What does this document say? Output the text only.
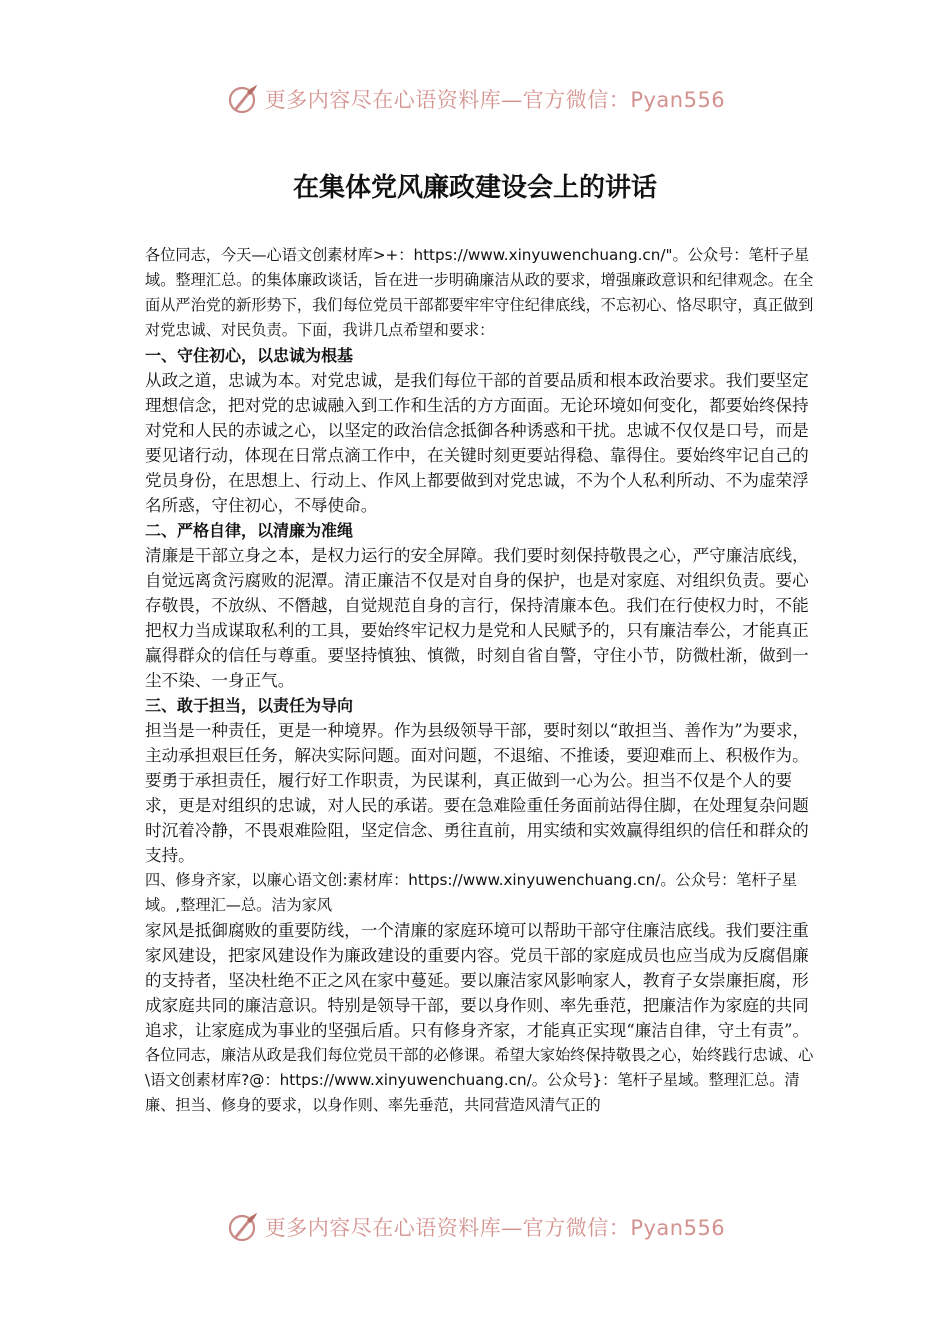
更多内容尽在心语资料库—官方微信：Pyan556
在集体党风廉政建设会上的讲话

各位同志，今天—心语文创素材库>+：https://www.xinyuwenchuang.cn/"。公众号：笔杆子星域。整理汇总。的集体廉政谈话，旨在进一步明确廉洁从政的要求，增强廉政意识和纪律观念。在全面从严治党的新形势下，我们每位党员干部都要牢牢守住纪律底线，不忘初心、恪尽职守，真正做到对党忠诚、对民负责。下面，我讲几点希望和要求：

一、守住初心，以忠诚为根基

从政之道，忠诚为本。对党忠诚，是我们每位干部的首要品质和根本政治要求。我们要坚定理想信念，把对党的忠诚融入到工作和生活的方方面面。无论环境如何变化，都要始终保持对党和人民的赤诚之心，以坚定的政治信念抵御各种诱惑和干扰。忠诚不仅仅是口号，而是要见诸行动，体现在日常点滴工作中，在关键时刻更要站得稳、靠得住。要始终牢记自己的党员身份，在思想上、行动上、作风上都要做到对党忠诚，不为个人私利所动、不为虚荣浮名所惑，守住初心，不辱使命。

二、严格自律，以清廉为准绳

清廉是干部立身之本，是权力运行的安全屏障。我们要时刻保持敬畏之心，严守廉洁底线，自觉远离贪污腐败的泥潭。清正廉洁不仅是对自身的保护，也是对家庭、对组织负责。要心存敬畏，不放纵、不僭越，自觉规范自身的言行，保持清廉本色。我们在行使权力时，不能把权力当成谋取私利的工具，要始终牢记权力是党和人民赋予的，只有廉洁奉公，才能真正赢得群众的信任与尊重。要坚持慎独、慎微，时刻自省自警，守住小节，防微杜渐，做到一尘不染、一身正气。

三、敢于担当，以责任为导向

担当是一种责任，更是一种境界。作为县级领导干部，要时刻以“敢担当、善作为”为要求，主动承担艰巨任务，解决实际问题。面对问题，不退缩、不推诿，要迎难而上、积极作为。要勇于承担责任，履行好工作职责，为民谋利，真正做到一心为公。担当不仅是个人的要求，更是对组织的忠诚，对人民的承诺。要在急难险重任务面前站得住脚，在处理复杂问题时沉着冷静，不畏艰难险阻，坚定信念、勇往直前，用实绩和实效赢得组织的信任和群众的支持。

四、修身齐家，以廉心语文创:素材库：https://www.xinyuwenchuang.cn/。公众号：笔杆子星域。,整理汇—总。洁为家风

家风是抵御腐败的重要防线，一个清廉的家庭环境可以帮助干部守住廉洁底线。我们要注重家风建设，把家风建设作为廉政建设的重要内容。党员干部的家庭成员也应当成为反腐倡廉的支持者，坚决杜绝不正之风在家中蔓延。要以廉洁家风影响家人，教育子女崇廉拒腐，形成家庭共同的廉洁意识。特别是领导干部，要以身作则、率先垂范，把廉洁作为家庭的共同追求，让家庭成为事业的坚强后盾。只有修身齐家，才能真正实现“廉洁自律，守土有责”。

各位同志，廉洁从政是我们每位党员干部的必修课。希望大家始终保持敬畏之心，始终践行忠诚、心\语文创素材库?@：https://www.xinyuwenchuang.cn/。公众号}：笔杆子星域。整理汇总。清廉、担当、修身的要求，以身作则、率先垂范，共同营造风清气正的

更多内容尽在心语资料库—官方微信：Pyan556
